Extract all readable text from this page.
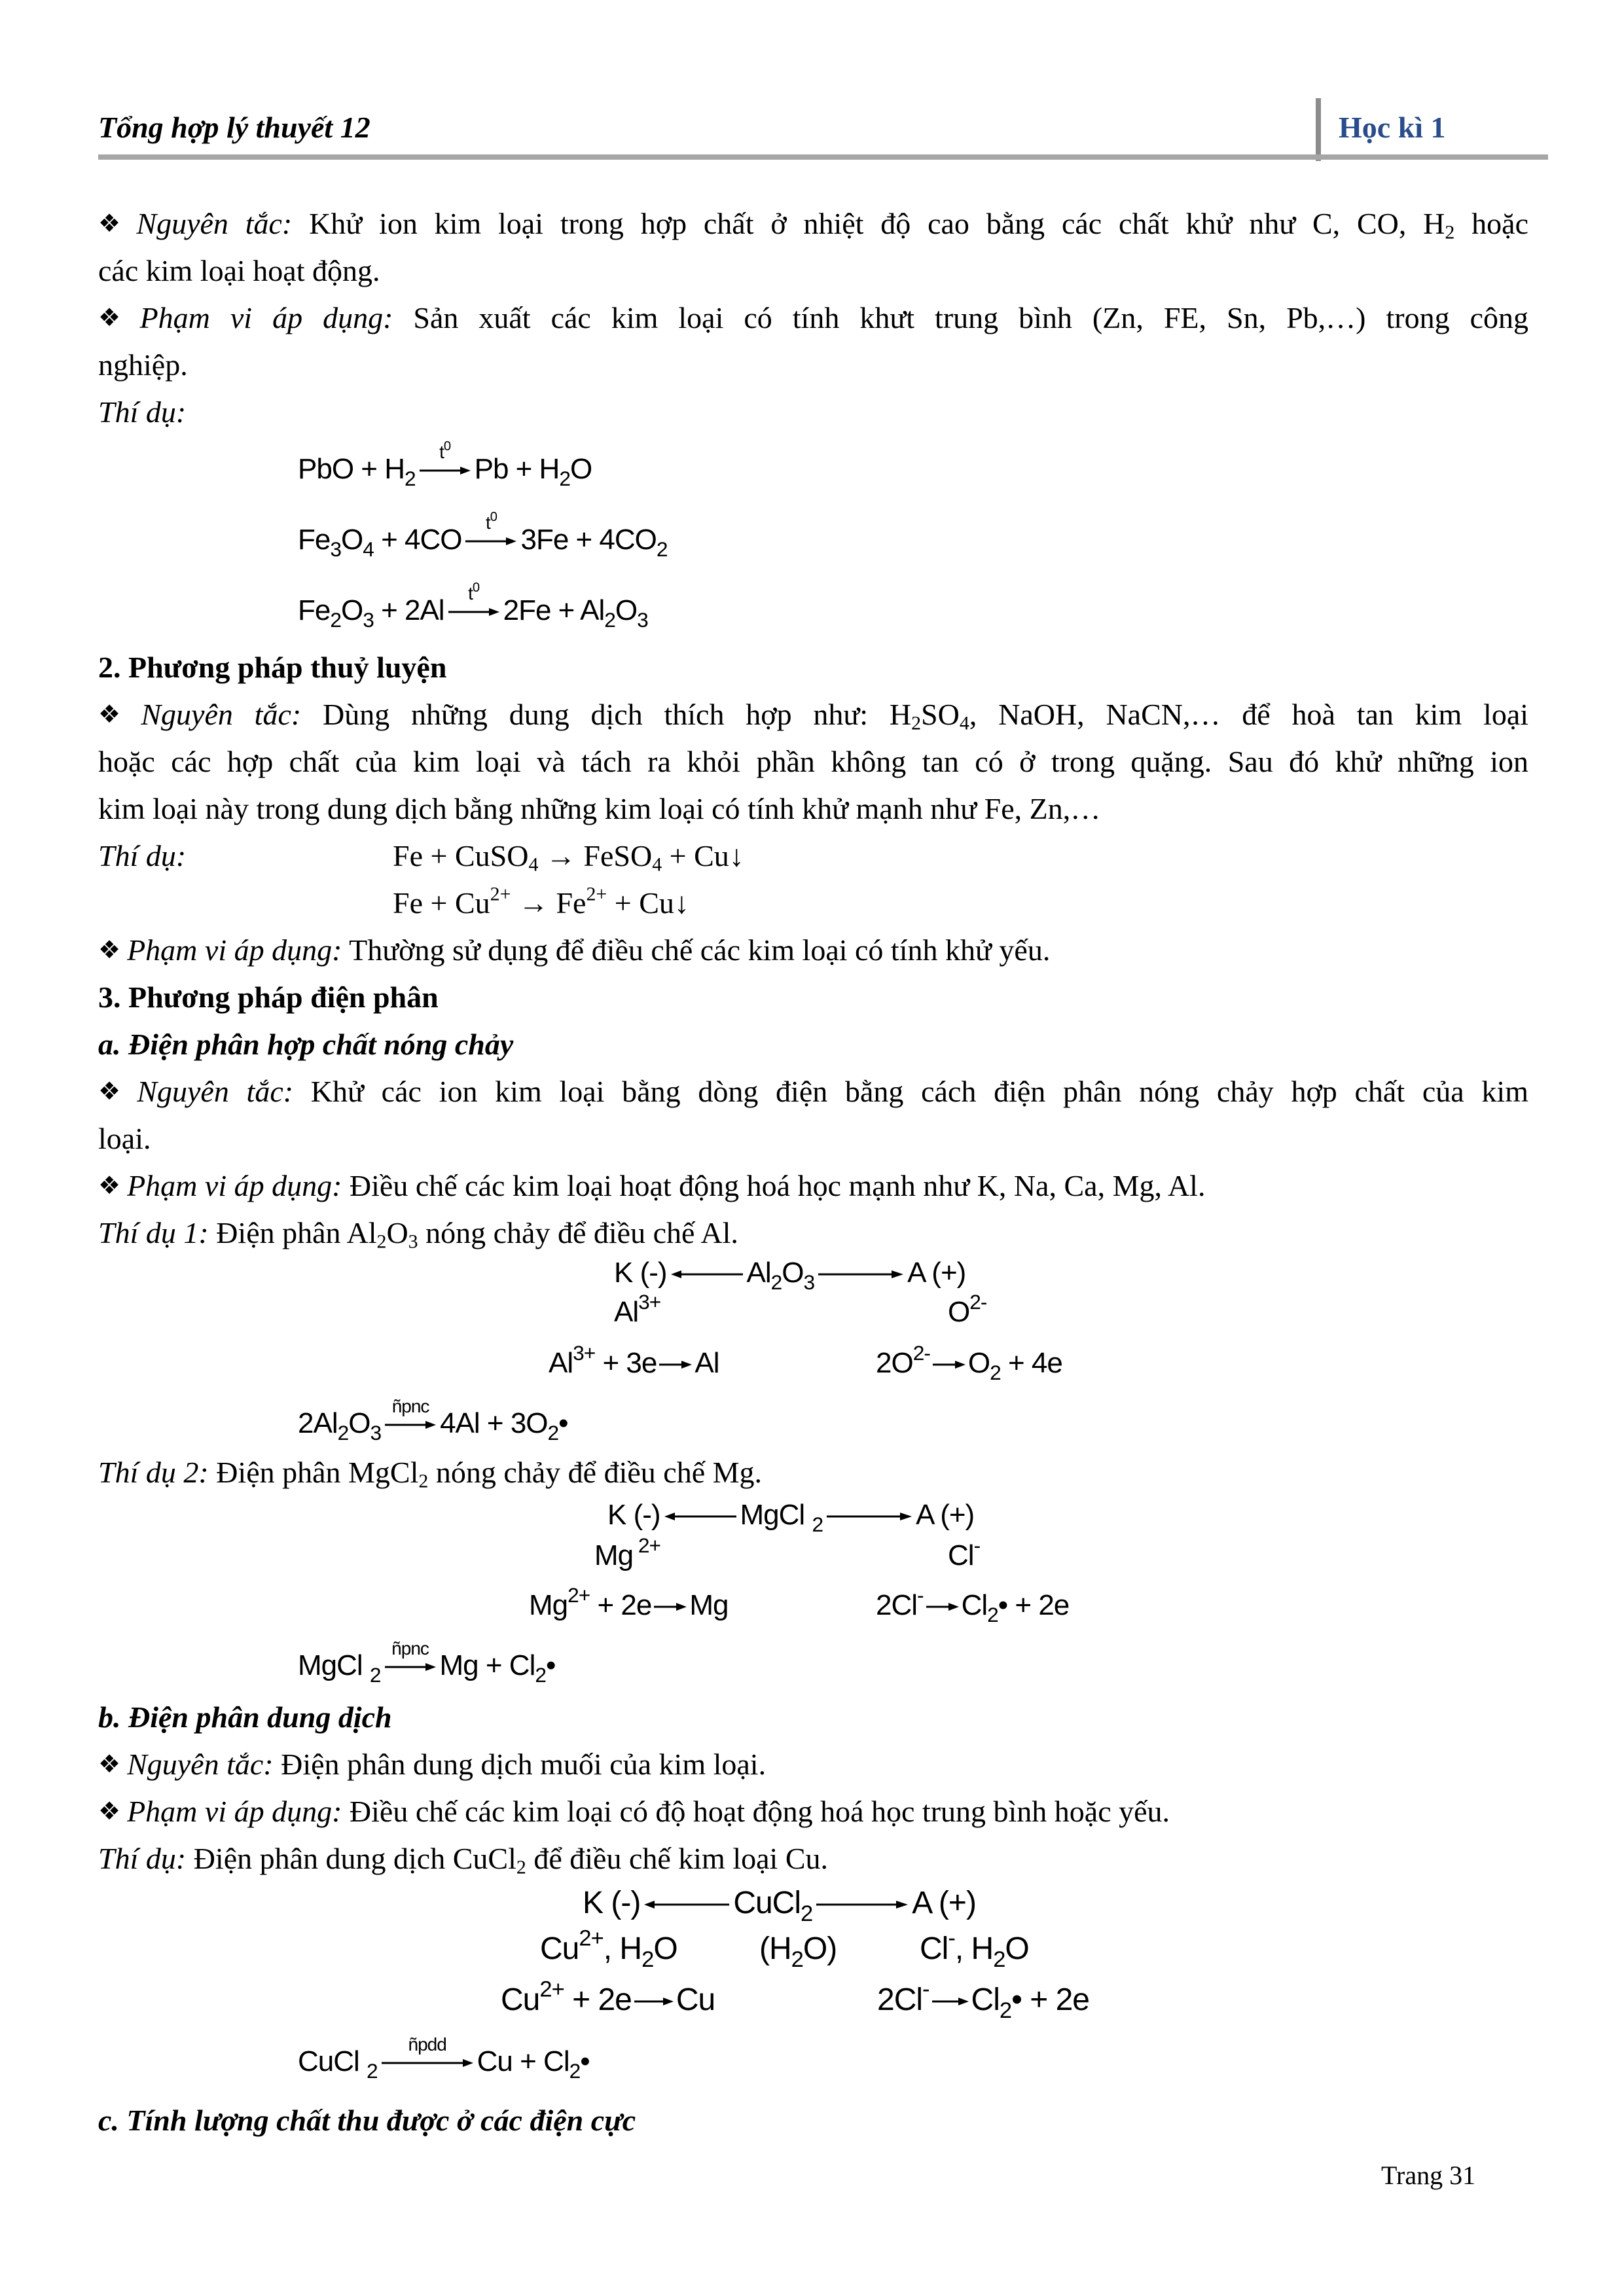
Tổng hợp lý thuyết 12	Học kì 1
❖ Nguyên tắc: Khử ion kim loại trong hợp chất ở nhiệt độ cao bằng các chất khử như C, CO, $H_2$ hoặc
các kim loại hoạt động.
❖ Phạm vi áp dụng: Sản xuất các kim loại có tính khưt trung bình (Zn, FE, Sn, Pb,…) trong công
nghiệp.
Thí dụ:
PbO + $H_2$
$t^0$
$Pb + H_2O$
$Fe_3O_4 + 4CO$
$t^0$
$3Fe + 4CO_2$
$Fe_2O_3 + 2Al$
$t^0$
$2Fe + Al_2O_3$
2. Phương pháp thuỷ luyện
❖ Nguyên tắc: Dùng những dung dịch thích hợp như: $H_2SO_4$, NaOH, NaCN,… để hoà tan kim loại
hoặc các hợp chất của kim loại và tách ra khỏi phần không tan có ở trong quặng. Sau đó khử những ion
kim loại này trong dung dịch bằng những kim loại có tính khử mạnh như Fe, Zn,…
Thí dụ:	Fe + CuSO$_4$ → FeSO$_4$ + Cu↓
$Fe + Cu^{2+} \to Fe^{2+}$ + Cu↓
❖ Phạm vi áp dụng: Thường sử dụng để điều chế các kim loại có tính khử yếu.
3. Phương pháp điện phân
a. Điện phân hợp chất nóng chảy
❖ Nguyên tắc: Khử các ion kim loại bằng dòng điện bằng cách điện phân nóng chảy hợp chất của kim
loại.
❖ Phạm vi áp dụng: Điều chế các kim loại hoạt động hoá học mạnh như K, Na, Ca, Mg, Al.
Thí dụ 1: Điện phân $Al_2O_3$ nóng chảy để điều chế Al.
K (-)	$Al_2O_3$	A (+)
$Al^{3+}$	$O^{2-}$
$Al^{3+} + 3e$ Al	$2O^{2-}$ $O_2 + 4e$
$2Al_2O_3$
ñpnc
$4Al + 3O_2•$
Thí dụ 2: Điện phân MgCl$_2$ nóng chảy để điều chế Mg.
K (-)	MgCl $_2$	A (+)
Mg $^{2+}$	Cl-
$Mg^{2+} + 2e$ Mg	2Cl- $Cl_2• + 2e$
MgCl $_2$
ñpnc
$Mg + Cl_2•$
b. Điện phân dung dịch
❖ Nguyên tắc: Điện phân dung dịch muối của kim loại.
❖ Phạm vi áp dụng: Điều chế các kim loại có độ hoạt động hoá học trung bình hoặc yếu.
Thí dụ: Điện phân dung dịch CuCl$_2$ để điều chế kim loại Cu.
K (-)	CuCl$_2$	A (+)
$Cu^{2+}$, $H_2O$	$(H_2O)$	Cl-, $H_2O$
$Cu^{2+} + 2e$ Cu	2Cl- $Cl_2• + 2e$
CuCl $_2$
ñpdd
$Cu + Cl_2•$
c. Tính lượng chất thu được ở các điện cực
Trang 31
